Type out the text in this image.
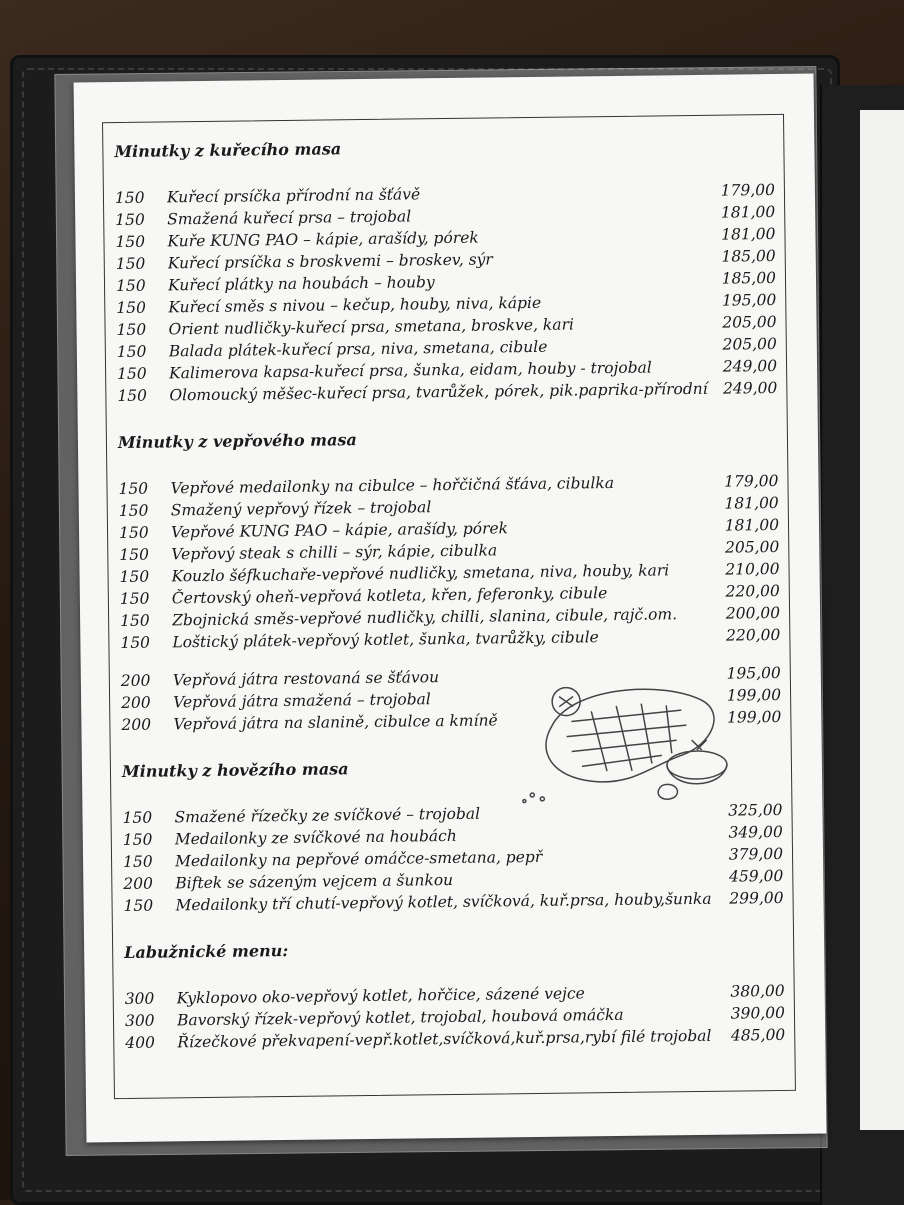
Minutky z kuřecího masa
150	Kuřecí prsíčka přírodní na šťávě	179,00
150	Smažená kuřecí prsa – trojobal	181,00
150	Kuře KUNG PAO – kápie, arašídy, pórek	181,00
150	Kuřecí prsíčka s broskvemi – broskev, sýr	185,00
150	Kuřecí plátky na houbách – houby	185,00
150	Kuřecí směs s nivou – kečup, houby, niva, kápie	195,00
150	Orient nudličky-kuřecí prsa, smetana, broskve, kari	205,00
150	Balada plátek-kuřecí prsa, niva, smetana, cibule	205,00
150	Kalimerova kapsa-kuřecí prsa, šunka, eidam, houby - trojobal	249,00
150	Olomoucký měšec-kuřecí prsa, tvarůžek, pórek, pik.paprika-přírodní 249,00
Minutky z vepřového masa
150	Vepřové medailonky na cibulce – hořčičná šťáva, cibulka	179,00
150	Smažený vepřový řízek – trojobal	181,00
150	Vepřové KUNG PAO – kápie, arašídy, pórek	181,00
150	Vepřový steak s chilli – sýr, kápie, cibulka	205,00
150	Kouzlo šéfkuchaře-vepřové nudličky, smetana, niva, houby, kari	210,00
150	Čertovský oheň-vepřová kotleta, křen, feferonky, cibule	220,00
150	Zbojnická směs-vepřové nudličky, chilli, slanina, cibule, rajč.om.	200,00
150	Loštický plátek-vepřový kotlet, šunka, tvarůžky, cibule	220,00
200	Vepřová játra restovaná se šťávou	195,00
200	Vepřová játra smažená – trojobal	199,00
200	Vepřová játra na slanině, cibulce a kmíně	199,00
Minutky z hovězího masa
150	Smažené řízečky ze svíčkové – trojobal	325,00
150	Medailonky ze svíčkové na houbách	349,00
150	Medailonky na pepřové omáčce-smetana, pepř	379,00
200	Biftek se sázeným vejcem a šunkou	459,00
150	Medailonky tří chutí-vepřový kotlet, svíčková, kuř.prsa, houby,šunka	299,00
Labužnické menu:
300	Kyklopovo oko-vepřový kotlet, hořčice, sázené vejce	380,00
300	Bavorský řízek-vepřový kotlet, trojobal, houbová omáčka	390,00
400	Řízečkové překvapení-vepř.kotlet,svíčková,kuř.prsa,rybí filé trojobal	485,00
